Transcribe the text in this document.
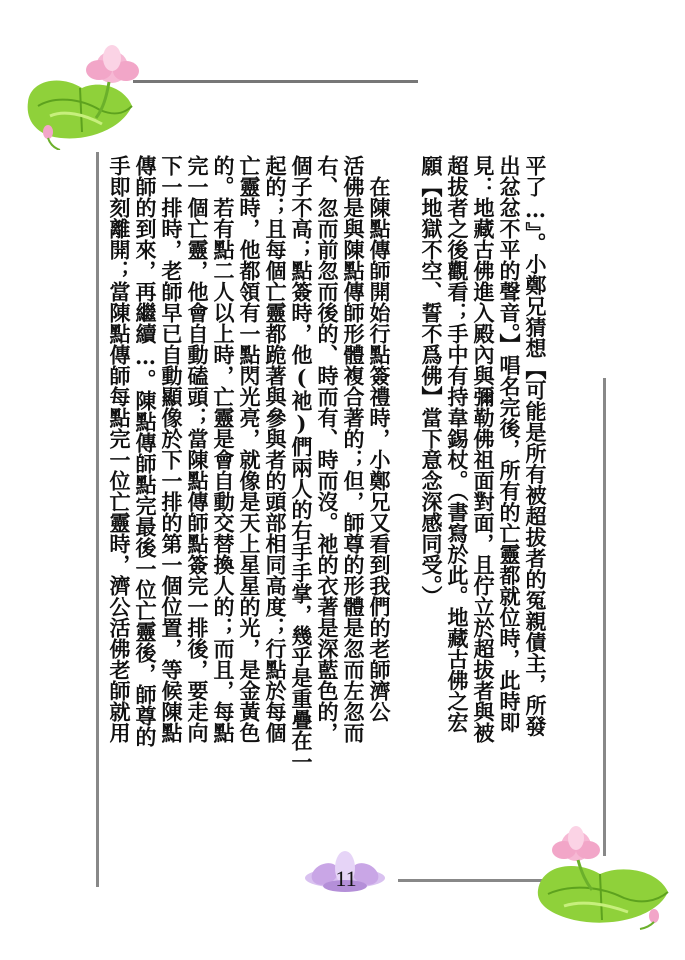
平了…』。小鄭兄猜想【可能是所有被超拔者的冤親債主，所發
出忿忿不平的聲音。】唱名完後，所有的亡靈都就位時，此時即
見：地藏古佛進入殿內與彌勒佛祖面對面，且佇立於超拔者與被
超拔者之後觀看；手中有持韋錫杖。（書寫於此。地藏古佛之宏
願【地獄不空、誓不爲佛】當下意念深感同受。）
　在陳點傳師開始行點簽禮時，小鄭兄又看到我們的老師濟公
活佛是與陳點傳師形體複合著的；但，師尊的形體是忽而左忽而
右、忽而前忽而後的、時而有、時而沒。祂的衣著是深藍色的，
個子不高；點簽時，他(祂)們兩人的右手手掌，幾乎是重疊在一
起的；且每個亡靈都跪著與參與者的頭部相同高度；行點於每個
亡靈時，他都領有一點閃光亮，就像是天上星星的光，是金黃色
的。若有點二人以上時，亡靈是會自動交替換人的；而且，每點
完一個亡靈，他會自動磕頭；當陳點傳師點簽完一排後，要走向
下一排時，老師早已自動顯像於下一排的第一個位置，等候陳點
傳師的到來，再繼續…。陳點傳師點完最後一位亡靈後，師尊的
手即刻離開；當陳點傳師每點完一位亡靈時，濟公活佛老師就用
11
